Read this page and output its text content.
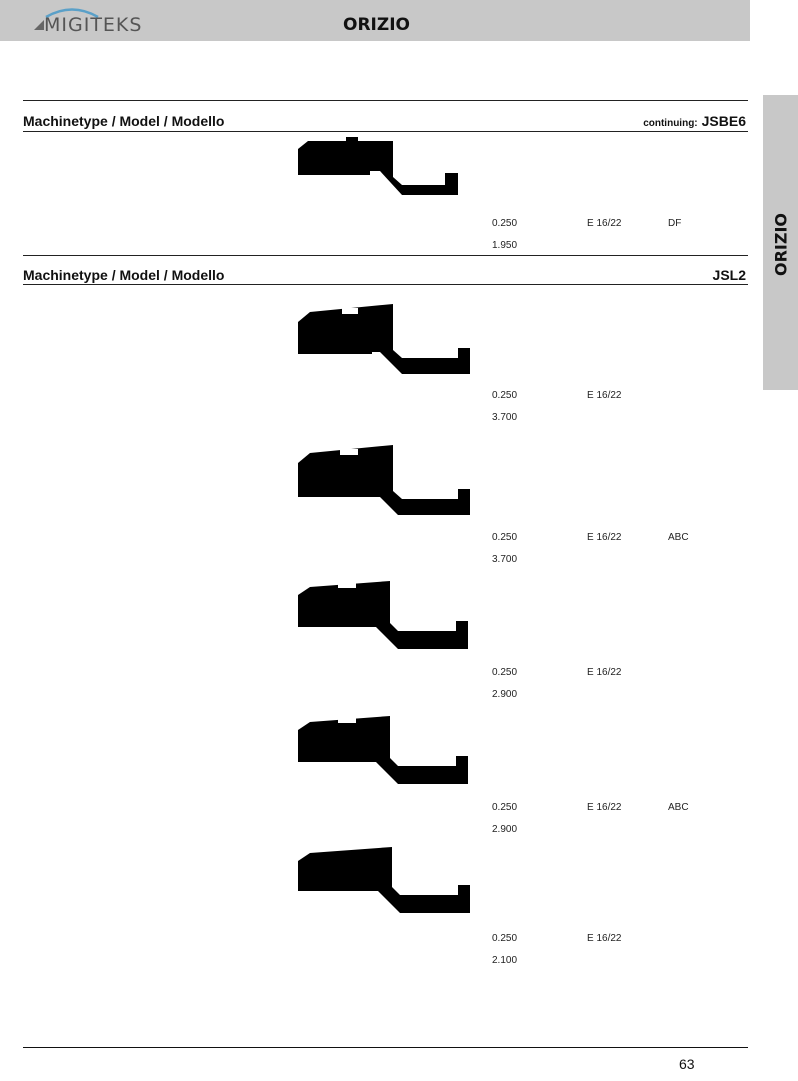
MIGITEKS	ORIZIO
ORIZIO
Machinetype / Model / Modello	continuing: JSBE6
0.250	E 16/22	DF
1.950
Machinetype / Model / Modello	JSL2
0.250	E 16/22
3.700
0.250	E 16/22	ABC
3.700
0.250	E 16/22
2.900
0.250	E 16/22	ABC
2.900
0.250	E 16/22
2.100
63
